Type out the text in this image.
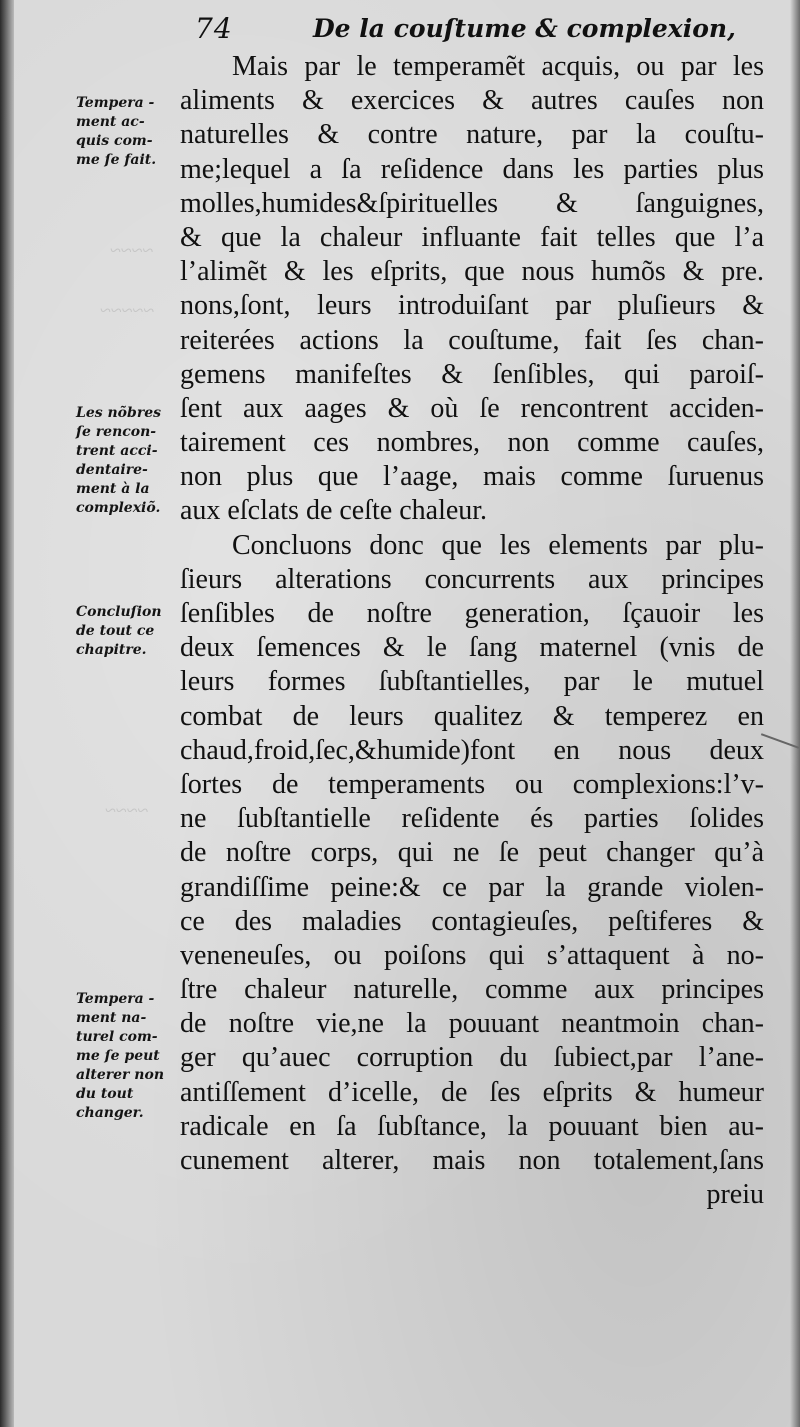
~~~~
~~~~~
~~~~
74	De la couſtume & complexion,
Tempera -
ment ac-
quis com-
me ſe fait.
Les nõbres
ſe rencon-
trent acci-
dentaire-
ment à la
complexiõ.
Concluſion
de tout ce
chapitre.
Tempera -
ment na-
turel com-
me ſe peut
alterer non
du tout
changer.
Mais par le temperamẽt acquis, ou par les
aliments & exercices & autres cauſes non
naturelles & contre nature, par la couſtu-
me;lequel a ſa reſidence dans les parties plus
molles,humides&ſpirituelles & ſanguignes,
& que la chaleur influante fait telles que l’a
l’alimẽt & les eſprits, que nous humõs & pre.
nons,ſont, leurs introduiſant par pluſieurs &
reiterées actions la couſtume, fait ſes chan-
gemens manifeſtes & ſenſibles, qui paroiſ-
ſent aux aages & où ſe rencontrent acciden-
tairement ces nombres, non comme cauſes,
non plus que l’aage, mais comme ſuruenus
aux eſclats de ceſte chaleur.
Concluons donc que les elements par plu-
ſieurs alterations concurrents aux principes
ſenſibles de noſtre generation, ſçauoir les
deux ſemences & le ſang maternel (vnis de
leurs formes ſubſtantielles, par le mutuel
combat de leurs qualitez & temperez en
chaud,froid,ſec,&humide)font en nous deux
ſortes de temperaments ou complexions:l’v-
ne ſubſtantielle reſidente és parties ſolides
de noſtre corps, qui ne ſe peut changer qu’à
grandiſſime peine:& ce par la grande violen-
ce des maladies contagieuſes, peſtiferes &
veneneuſes, ou poiſons qui s’attaquent à no-
ſtre chaleur naturelle, comme aux principes
de noſtre vie,ne la pouuant neantmoin chan-
ger qu’auec corruption du ſubiect,par l’ane-
antiſſement d’icelle, de ſes eſprits & humeur
radicale en ſa ſubſtance, la pouuant bien au-
cunement alterer, mais non totalement,ſans
preiu
